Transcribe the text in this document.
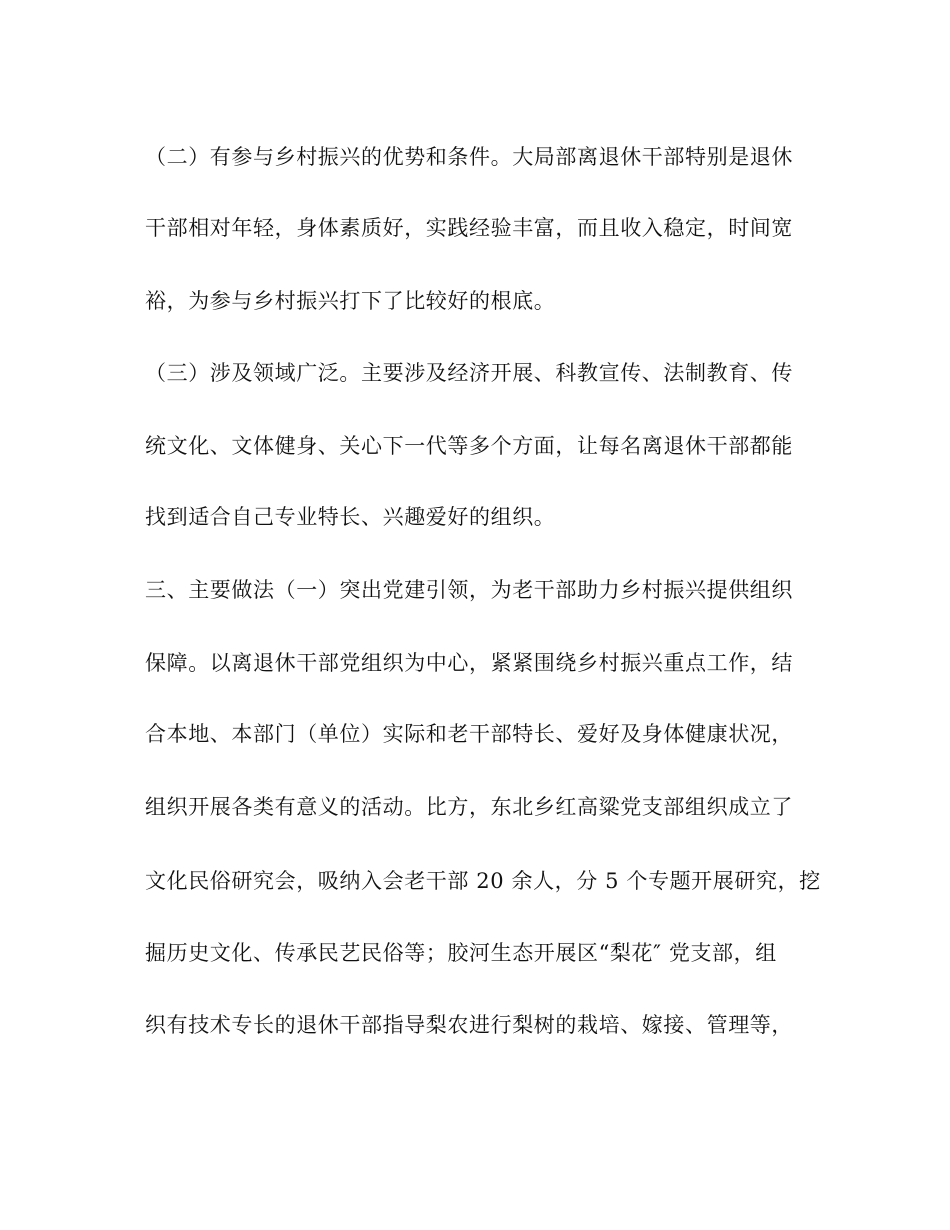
（二）有参与乡村振兴的优势和条件。大局部离退休干部特别是退休
干部相对年轻，身体素质好，实践经验丰富，而且收入稳定，时间宽
裕，为参与乡村振兴打下了比较好的根底。
（三）涉及领域广泛。主要涉及经济开展、科教宣传、法制教育、传
统文化、文体健身、关心下一代等多个方面，让每名离退休干部都能
找到适合自己专业特长、兴趣爱好的组织。
三、主要做法（一）突出党建引领，为老干部助力乡村振兴提供组织
保障。以离退休干部党组织为中心，紧紧围绕乡村振兴重点工作，结
合本地、本部门（单位）实际和老干部特长、爱好及身体健康状况，
组织开展各类有意义的活动。比方，东北乡红高粱党支部组织成立了
文化民俗研究会，吸纳入会老干部 20 余人，分 5 个专题开展研究，挖
掘历史文化、传承民艺民俗等；胶河生态开展区“梨花″ 党支部，组
织有技术专长的退休干部指导梨农进行梨树的栽培、嫁接、管理等，
